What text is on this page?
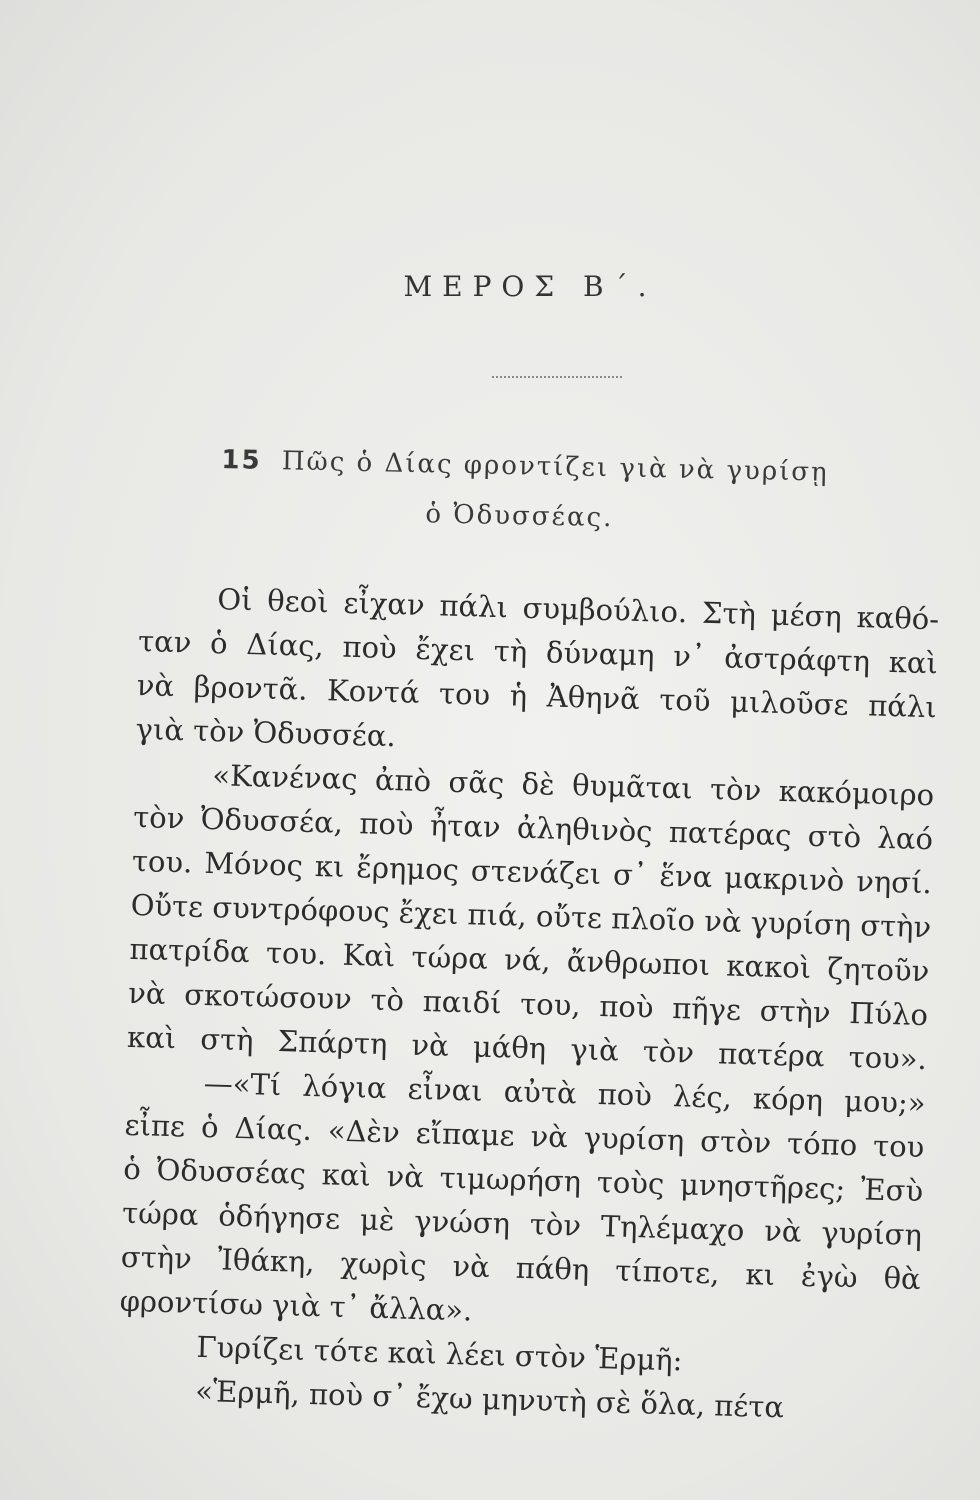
ΜΕΡΟΣ Β΄.
15 Πῶς ὁ Δίας φροντίζει γιὰ νὰ γυρίσῃ
ὁ Ὀδυσσέας.
Οἱ θεοὶ εἶχαν πάλι συμβούλιο. Στὴ μέση καθό-
ταν ὁ Δίας, ποὺ ἔχει τὴ δύναμη ν᾽ ἀστράφτη καὶ
νὰ βροντᾶ. Κοντά του ἡ Ἀθηνᾶ τοῦ μιλοῦσε πάλι
γιὰ τὸν Ὀδυσσέα.
«Κανένας ἀπὸ σᾶς δὲ θυμᾶται τὸν κακόμοιρο
τὸν Ὀδυσσέα, ποὺ ἦταν ἀληθινὸς πατέρας στὸ λαό
του. Μόνος κι ἔρημος στενάζει σ᾽ ἕνα μακρινὸ νησί.
Οὔτε συντρόφους ἔχει πιά, οὔτε πλοῖο νὰ γυρίση στὴν
πατρίδα του. Καὶ τώρα νά, ἄνθρωποι κακοὶ ζητοῦν
νὰ σκοτώσουν τὸ παιδί του, ποὺ πῆγε στὴν Πύλο
καὶ στὴ Σπάρτη νὰ μάθη γιὰ τὸν πατέρα του».
—«Τί λόγια εἶναι αὐτὰ ποὺ λές, κόρη μου;»
εἶπε ὁ Δίας. «Δὲν εἴπαμε νὰ γυρίση στὸν τόπο του
ὁ Ὀδυσσέας καὶ νὰ τιμωρήση τοὺς μνηστῆρες; Ἐσὺ
τώρα ὁδήγησε μὲ γνώση τὸν Τηλέμαχο νὰ γυρίση
στὴν Ἰθάκη, χωρὶς νὰ πάθη τίποτε, κι ἐγὼ θὰ
φροντίσω γιὰ τ᾽ ἄλλα».
Γυρίζει τότε καὶ λέει στὸν Ἑρμῆ:
«Ἑρμῆ, ποὺ σ᾽ ἔχω μηνυτὴ σὲ ὅλα, πέτα
